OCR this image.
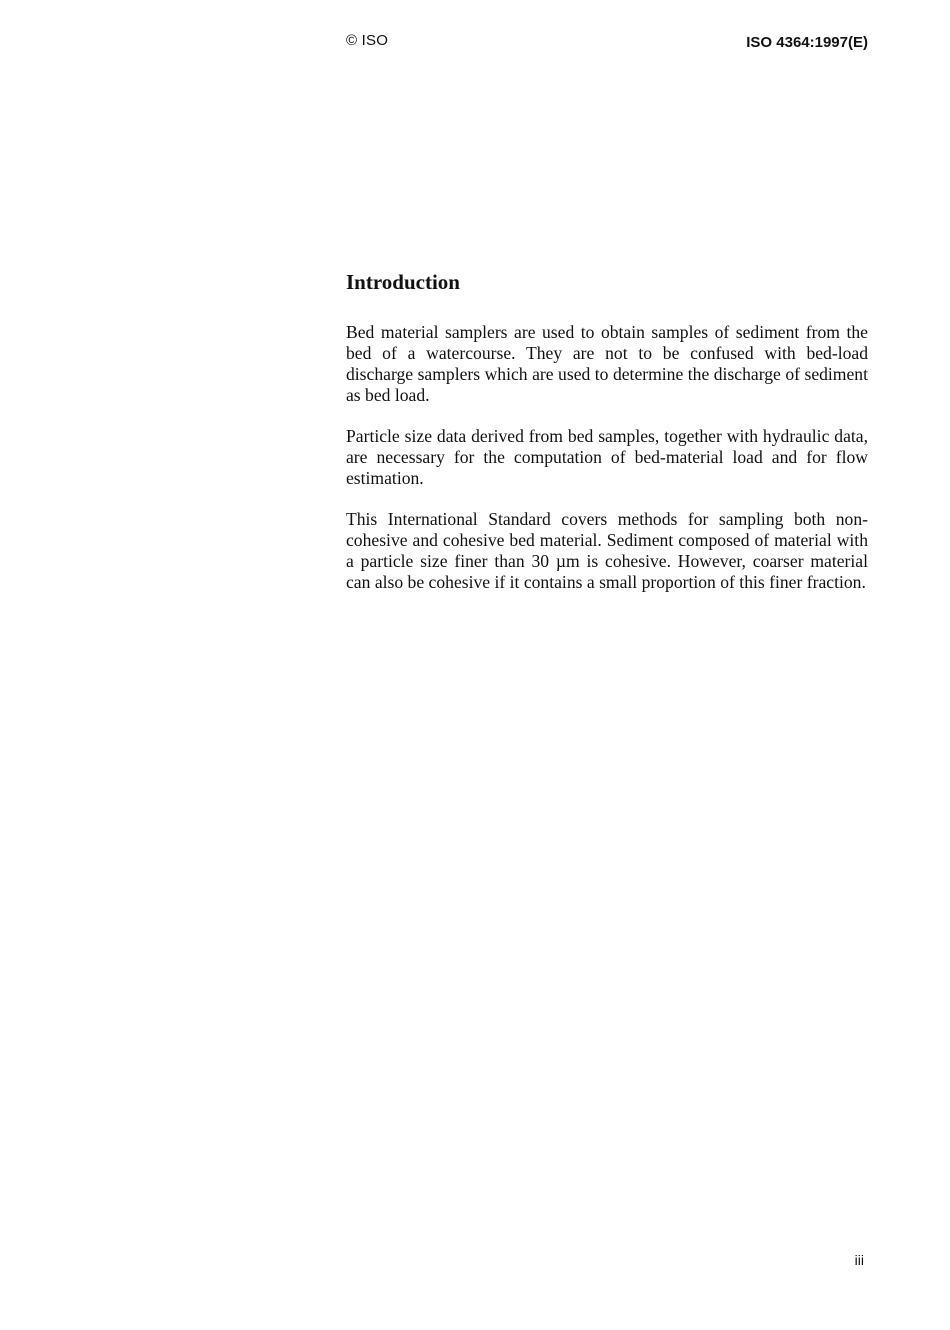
© ISO	ISO 4364:1997(E)
Introduction

Bed material samplers are used to obtain samples of sediment from the bed of a watercourse. They are not to be confused with bed-load discharge samplers which are used to determine the discharge of sediment as bed load.

Particle size data derived from bed samples, together with hydraulic data, are necessary for the computation of bed-material load and for flow estimation.

This International Standard covers methods for sampling both non-cohesive and cohesive bed material. Sediment composed of material with a particle size finer than 30 µm is cohesive. However, coarser material can also be cohesive if it contains a small proportion of this finer fraction.

iii
